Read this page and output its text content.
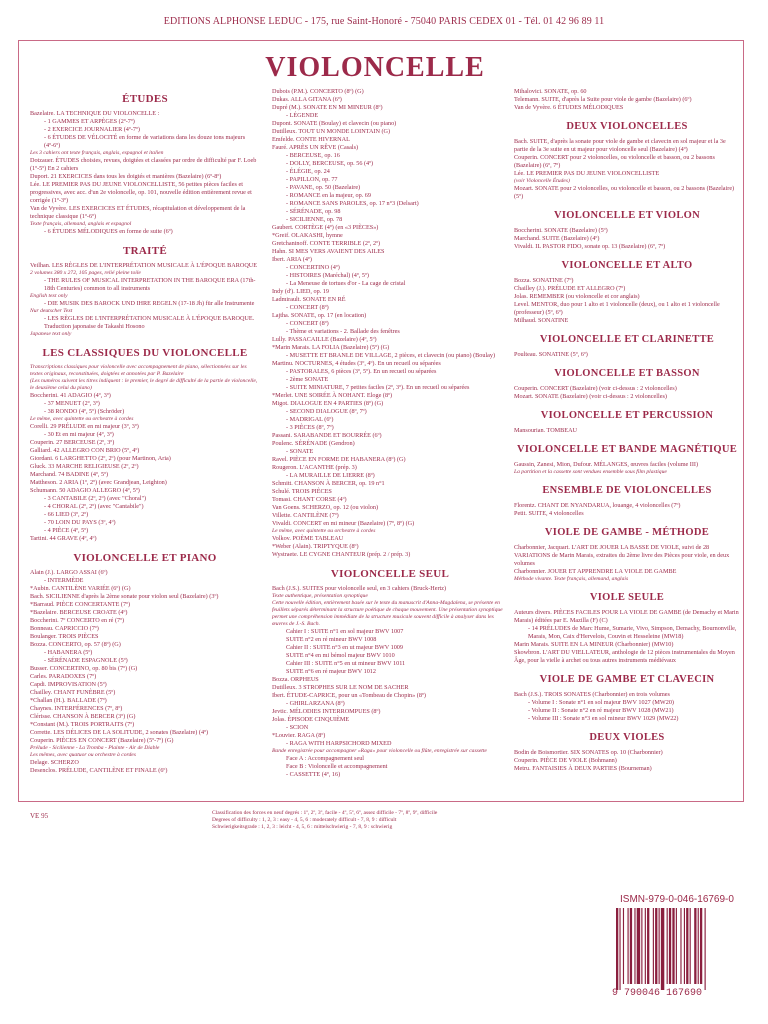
EDITIONS ALPHONSE LEDUC - 175, rue Saint-Honoré - 75040 PARIS CEDEX 01 - Tél. 01 42 96 89 11
VIOLONCELLE
ÉTUDES
Bazelaire. LA TECHNIQUE DU VIOLONCELLE :
- 1 GAMMES ET ARPÈGES (2º-7º)
- 2 EXERCICE JOURNALIER (4º-7º)
- 6 ÉTUDES DE VÉLOCITÉ en forme de variations dans les douze tons majeurs (4º-6º)
Les 3 cahiers ont texte français, anglais, espagnol et italien
Dotzauer. ÉTUDES choisies, revues, doigtées et classées par ordre de difficulté par F. Loeb (1º-5º) En 2 cahiers
Duport. 21 EXERCICES dans tous les doigtés et manières (Bazelaire) (6º-8º)
Lée. LE PREMIER PAS DU JEUNE VIOLONCELLISTE, 56 petites pièces faciles et progressives, avec acc. d'un 2e violoncelle, op. 101, nouvelle édition entièrement revue et corrigée (1º-3º)
Van de Vyvère. LES EXERCICES ET ÉTUDES, récapitulation et développement de la technique classique (1º-6º)
Texte français, allemand, anglais et espagnol
- 6 ÉTUDES MÉLODIQUES en forme de suite (6º)
TRAITÉ
Veilhan. LES RÈGLES DE L'INTERPRÉTATION MUSICALE À L'ÉPOQUE BAROQUE
2 volumes 380 x 272, 105 pages, relié pleine toile
- THE RULES OF MUSICAL INTERPRETATION IN THE BAROQUE ERA (17th-18th Centuries) common to all instruments
English text only
- DIE MUSIK DES BAROCK UND IHRE REGELN (17-18 Jh) für alle Instrumente
Nur deutscher Text
- LES RÈGLES DE L'INTERPRÉTATION MUSICALE À L'ÉPOQUE BAROQUE. Traduction japonaise de Takashi Hosono
Japanese text only
LES CLASSIQUES DU VIOLONCELLE
Transcriptions classiques pour violoncelle avec accompagnement de piano, sélectionnées sur les textes originaux, reconstituées, doigtées et annotées par P. Bazelaire
(Les numéros suivent les titres indiquent : le premier, le degré de difficulté de la partie de violoncelle, le deuxième celui du piano)
Boccherini. 41 ADAGIO (4º, 3º)
- 37 MENUET (2º, 3º)
- 38 RONDO (4º, 5º) (Schröder)
Le même, avec quintette ou orchestre à cordes
Corelli. 29 PRÉLUDE en mi majeur (3º, 3º)
- 30 Et en mi majeur (4º, 3º)
Couperin. 27 BERCEUSE (2º, 3º)
Galliard. 42 ALLEGRO CON BRIO (5º, 4º)
Giordani. 6 LARGHETTO (2º, 2º) (pour Martinon, Aria)
Gluck. 33 MARCHE RELIGIEUSE (2º, 2º)
Marchand. 74 BADINE (4º, 5º)
Mattheson. 2 ARIA (1º, 2º) (avec Grandjean, Leighton)
Schumann. 50 ADAGIO ALLEGRO (4º, 5º)
- 3 CANTABILE (2º, 2º) (avec "Choral")
- 4 CHORAL (2º, 2º) (avec "Cantabile")
- 66 LIED (3º, 2º)
- 70 LOIN DU PAYS (3º, 4º)
- 4 PIÈCE (4º, 5º)
Tartini. 44 GRAVE (4º, 4º)
VIOLONCELLE ET PIANO
Alain (J.). LARGO ASSAI (6º)
- INTERMÈDE
*Aubin. CANTILÈNE VARIÉE (6º) (G)
Bach. SICILIENNE d'après la 2ème sonate pour violon seul (Bazelaire) (3º)
*Barraud. PIÈCE CONCERTANTE (7º)
*Bazelaire. BERCEUSE CROATE (4º)
Boccherini. 7º CONCERTO en ré (7º)
Bonneau. CAPRICCIO (7º)
Boulanger. TROIS PIÈCES
Bozza. CONCERTO, op. 57 (8º) (G)
- HABANERA (5º)
- SÉRÉNADE ESPAGNOLE (5º)
Busser. CONCERTINO, op. 80 bis (7º) (G)
Carles. PARADOXES (7º)
Capdi. IMPROVISATION (5º)
Chailley. CHANT FUNÈBRE (5º)
*Challan (H.). BALLADE (7º)
Chaynes. INTERFÉRENCES (7º, 8º)
Clérisse. CHANSON À BERCER (3º) (G)
*Constant (M.). TROIS PORTRAITS (7º)
Corrette. LES DÉLICES DE LA SOLITUDE, 2 sonates (Bazelaire) (4º)
Couperin. PIÈCES EN CONCERT (Bazelaire) (5º-7º) (G)
Prélude - Sicilienne - La Tromba - Plainte - Air de Diable
Les mêmes, avec quatuor ou orchestre à cordes
Delage. SCHERZO
Desenclos. PRÉLUDE, CANTILÈNE ET FINALE (6º)
Dubois (P.M.). CONCERTO (8º) (G)
Dukas. ALLA GITANA (6º)
Dupré (M.). SONATE EN MI MINEUR (8º)
- LÉGENDE
Dupont. SONATE (Boulay) et clavecin (ou piano)
Dutilleux. TOUT UN MONDE LOINTAIN (G)
Emfelde. CONTE HIVERNAL
Fauré. APRÈS UN RÊVE (Casals)
- BERCEUSE, op. 16
- DOLLY, BERCEUSE, op. 56 (4º)
- ÉLÉGIE, op. 24
- PAPILLON, op. 77
- PAVANE, op. 50 (Bazelaire)
- ROMANCE en la majeur, op. 69
- ROMANCE SANS PAROLES, op. 17 n°3 (Delsart)
- SÉRÉNADE, op. 98
- SICILIENNE, op. 78
Gaubert. CORTÈGE (4º) (en «3 PIÈCES»)
*Greif. OLAKASHI, hymne
Gretchaninoff. CONTE TERRIBLE (2º, 2º)
Hahn. SI MES VERS AVAIENT DES AILES
Ibert. ARIA (4º)
- CONCERTINO (4º)
- HISTOIRES (Maréchal) (4º, 5º)
- La Meneuse de tortues d'or - La cage de cristal
Indy (d'). LIED, op. 19
Ladmirault. SONATE EN RÉ
- CONCERT (8º)
Lajtha. SONATE, op. 17 (en location)
- CONCERT (8º)
- Thème et variations - 2. Ballade des fenêtres
Lully. PASSACAILLE (Bazelaire) (4º, 5º)
*Marin Marais. LA FOLIA (Bazelaire) (5º) (G)
- MUSETTE ET BRANLE DE VILLAGE, 2 pièces, et clavecin (ou piano) (Boulay)
Martinu. NOCTURNES, 4 études (3º, 4º). En un recueil ou séparées
- PASTORALES, 6 pièces (3º, 5º). En un recueil ou séparées
- 2ème SONATE
- SUITE MINIATURE, 7 petites faciles (2º, 3º). En un recueil ou séparées
*Merlet. UNE SOIRÉE À NOHANT. Eloge (8º)
Migot. DIALOGUE EN 4 PARTIES (8º) (G)
- SECOND DIALOGUE (8º, 7º)
- MADRIGAL (6º)
- 3 PIÈCES (8º, 7º)
Passani. SARABANDE ET BOURRÉE (6º)
Poulenc. SÉRÉNADE (Gendron)
- SONATE
Ravel. PIÈCE EN FORME DE HABANERA (8º) (G)
Rougeron. L'ACANTHE (prép. 3)
- LA MURAILLE DE LIERRE (8º)
Schmitt. CHANSON À BERCER, op. 19 n°1
Schulé. TROIS PIÈCES
Tomasi. CHANT CORSE (4º)
Van Goens. SCHERZO, op. 12 (ou violon)
Villette. CANTILÈNE (7º)
Vivaldi. CONCERT en mi mineur (Bazelaire) (7º, 8º) (G)
Le même, avec quintette ou orchestre à cordes
Volkov. POÈME TABLEAU
*Weber (Alain). TRIPTYQUE (8º)
Wystraete. LE CYGNE CHANTEUR (prép. 2 / prép. 3)
VIOLONCELLE SEUL
Bach (J.S.). SUITES pour violoncelle seul, en 3 cahiers (Bruck-Hertz)
Texte authentique, présentation synoptique
Cette nouvelle édition, entièrement basée sur le texte du manuscrit d'Anna-Magdalena, se présente en feuillets séparés déterminant la structure poétique de chaque mouvement. Une présentation synoptique permet une compréhension immédiate de la structure musicale souvent difficile à analyser dans les œuvres de J.-S. Bach.
Cahier I : SUITE n°1 en sol majeur BWV 1007
SUITE n°2 en ré mineur BWV 1008
Cahier II : SUITE n°3 en ut majeur BWV 1009
SUITE n°4 en mi bémol majeur BWV 1010
Cahier III : SUITE n°5 en ut mineur BWV 1011
SUITE n°6 en ré majeur BWV 1012
Bozza. ORPHEUS
Dutilleux. 3 STROPHES SUR LE NOM DE SACHER
Ibert. ÉTUDE-CAPRICE, pour un «Tombeau de Chopin» (8º)
- GHIRLARZANA (8º)
Jevtic. MÉLODIES INTERROMPUES (8º)
Jolas. ÉPISODE CINQUIÈME
- SCION
*Louvier. RAGA (8º)
- RAGA WITH HARPSICHORD MIXED
Bande enregistrée pour accompagner «Raga» pour violoncelle ou flûte, enregistrée sur cassette
Face A : Accompagnement seul
Face B : Violoncelle et accompagnement
- CASSETTE (4º, 16)
Mihalovici. SONATE, op. 60
Telemann. SUITE, d'après la Suite pour viole de gambe (Bazelaire) (6º)
Van de Vyvère. 6 ÉTUDES MÉLODIQUES
DEUX VIOLONCELLES
Bach. SUITE, d'après la sonate pour viole de gambe et clavecin en sol majeur et la 3e partie de la 3e suite en ut majeur pour violoncelle seul (Bazelaire) (4º)
Couperin. CONCERT pour 2 violoncelles, ou violoncelle et basson, ou 2 bassons (Bazelaire) (6º, 7º)
Lée. LE PREMIER PAS DU JEUNE VIOLONCELLISTE
(voir Violoncelle Études)
Mozart. SONATE pour 2 violoncelles, ou violoncelle et basson, ou 2 bassons (Bazelaire) (5º)
VIOLONCELLE ET VIOLON
Boccherini. SONATE (Bazelaire) (5º)
Marchand. SUITE (Bazelaire) (4º)
Vivaldi. IL PASTOR FIDO, sonate op. 13 (Bazelaire) (6º, 7º)
VIOLONCELLE ET ALTO
Bozza. SONATINE (7º)
Chailley (J.). PRÉLUDE ET ALLEGRO (7º)
Jolas. REMEMBER (ou violoncelle et cor anglais)
Level. MENTOR, duo pour 1 alto et 1 violoncelle (deux), ou 1 alto et 1 violoncelle (professeur) (5º, 6º)
Milhaud. SONATINE
VIOLONCELLE ET CLARINETTE
Poulteau. SONATINE (5º, 6º)
VIOLONCELLE ET BASSON
Couperin. CONCERT (Bazelaire) (voir ci-dessus : 2 violoncelles)
Mozart. SONATE (Bazelaire) (voir ci-dessus : 2 violoncelles)
VIOLONCELLE ET PERCUSSION
Mansourian. TOMBEAU
VIOLONCELLE ET BANDE MAGNÉTIQUE
Gaussin, Zanesi, Mion, Dufour. MÉLANGES, œuvres faciles (volume III)
La partition et la cassette sont vendues ensemble sous film plastique
ENSEMBLE DE VIOLONCELLES
Florentz. CHANT DE NYANDARUA, louange, 4 violoncelles (7º)
Petit. SUITE, 4 violoncelles
VIOLE DE GAMBE - MÉTHODE
Charbonnier, Jacquart. L'ART DE JOUER LA BASSE DE VIOLE, suivi de 28 VARIATIONS de Marin Marais, extraites du 2ème livre des Pièces pour viole, en deux volumes
Charbonnier. JOUER ET APPRENDRE LA VIOLE DE GAMBE
Méthode vivante. Texte français, allemand, anglais
VIOLE SEULE
Auteurs divers. PIÈCES FACILES POUR LA VIOLE DE GAMBE (de Demachy et Marin Marais) éditées par E. Mazilla (F) (C)
- 14 PRÉLUDES de Marc Hume, Sumarie, Vivo, Simpson, Demachy, Bournonville, Marais, Mon, Caix d'Hervelois, Couvin et Hesseleine (MW18)
Marin Marais. SUITE EN LA MINEUR (Charbonnier) (MW10)
Skowbron. L'ART DU VIELLATEUR, anthologie de 12 pièces instrumentales du Moyen Âge, pour la vielle à archet ou tous autres instruments médiévaux
VIOLE DE GAMBE ET CLAVECIN
Bach (J.S.). TROIS SONATES (Charbonnier) en trois volumes
- Volume I : Sonate n°1 en sol majeur BWV 1027 (MW20)
- Volume II : Sonate n°2 en ré majeur BWV 1028 (MW21)
- Volume III : Sonate n°3 en sol mineur BWV 1029 (MW22)
DEUX VIOLES
Bodin de Boismortier. SIX SONATES op. 10 (Charbonnier)
Couperin. PIÈCE DE VIOLE (Bohmann)
Metru. FANTAISIES À DEUX PARTIES (Bourneman)
VE 95	Classification des forces en neuf degrés : 1º, 2º, 3º, facile - 4º, 5º, 6º, assez difficile - 7º, 8º, 9º, difficile
Degrees of difficulty : 1, 2, 3 : easy - 4, 5, 6 : moderately difficult - 7, 8, 9 : difficult
Schwierigkeitsgrade : 1, 2, 3 : leicht - 4, 5, 6 : mittelschwierig - 7, 8, 9 : schwierig
ISMN-979-0-046-16769-0
9 790046 167690
